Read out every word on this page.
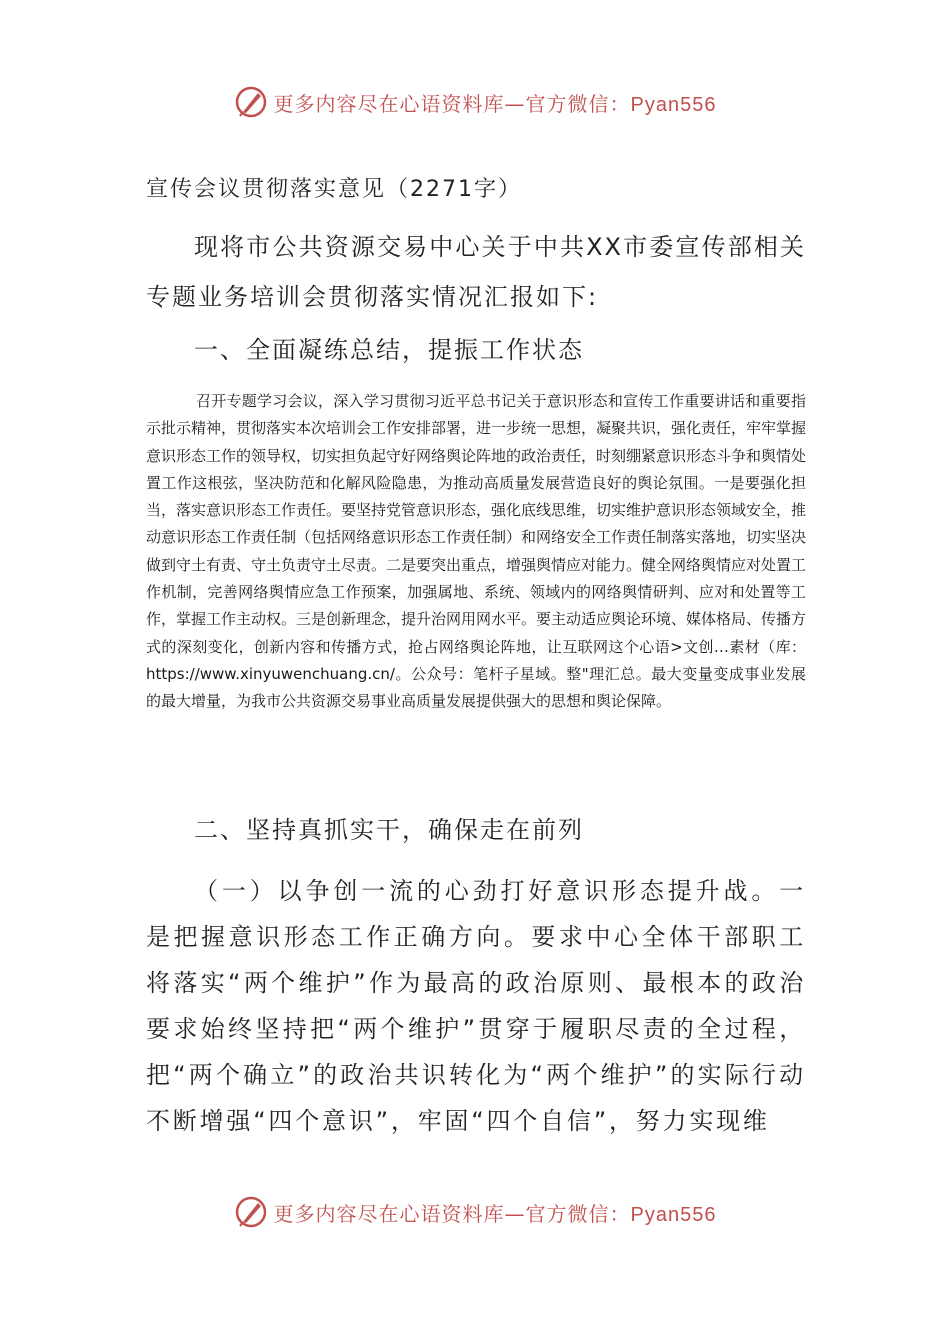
更多内容尽在心语资料库—官方微信：Pyan556
宣传会议贯彻落实意见（2271字）
现将市公共资源交易中心关于中共XX市委宣传部相关专题业务培训会贯彻落实情况汇报如下:
一、全面凝练总结，提振工作状态
召开专题学习会议，深入学习贯彻习近平总书记关于意识形态和宣传工作重要讲话和重要指示批示精神，贯彻落实本次培训会工作安排部署，进一步统一思想，凝聚共识，强化责任，牢牢掌握意识形态工作的领导权，切实担负起守好网络舆论阵地的政治责任，时刻绷紧意识形态斗争和舆情处置工作这根弦，坚决防范和化解风险隐患，为推动高质量发展营造良好的舆论氛围。一是要强化担当，落实意识形态工作责任。要坚持党管意识形态，强化底线思维，切实维护意识形态领域安全，推动意识形态工作责任制（包括网络意识形态工作责任制）和网络安全工作责任制落实落地，切实坚决做到守土有责、守土负责守土尽责。二是要突出重点，增强舆情应对能力。健全网络舆情应对处置工作机制，完善网络舆情应急工作预案，加强属地、系统、领域内的网络舆情研判、应对和处置等工作，掌握工作主动权。三是创新理念，提升治网用网水平。要主动适应舆论环境、媒体格局、传播方式的深刻变化，创新内容和传播方式，抢占网络舆论阵地，让互联网这个心语>文创…素材（库：https://www.xinyuwenchuang.cn/。公众号：笔杆子星域。整"理汇总。最大变量变成事业发展的最大增量，为我市公共资源交易事业高质量发展提供强大的思想和舆论保障。
二、坚持真抓实干，确保走在前列
（一）以争创一流的心劲打好意识形态提升战。一是把握意识形态工作正确方向。要求中心全体干部职工将落实“两个维护”作为最高的政治原则、最根本的政治要求始终坚持把“两个维护”贯穿于履职尽责的全过程，把“两个确立”的政治共识转化为“两个维护”的实际行动不断增强“四个意识”，牢固“四个自信”，努力实现维
更多内容尽在心语资料库—官方微信：Pyan556
